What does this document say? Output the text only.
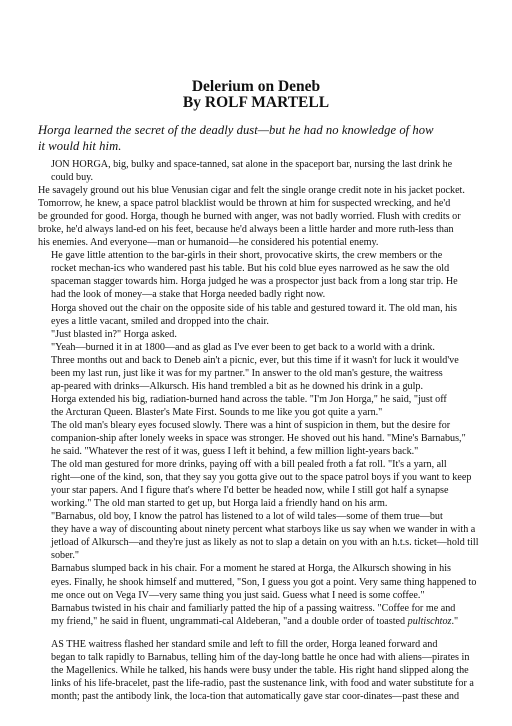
Delerium on Deneb
By ROLF MARTELL
Horga learned the secret of the deadly dust—but he had no knowledge of how
it would hit him.

JON HORGA, big, bulky and space-tanned, sat alone in the spaceport bar, nursing the last drink he
could buy.

He savagely ground out his blue Venusian cigar and felt the single orange credit note in his jacket pocket.
Tomorrow, he knew, a space patrol blacklist would be thrown at him for suspected wrecking, and he'd
be grounded for good. Horga, though he burned with anger, was not badly worried. Flush with credits or
broke, he'd always land-ed on his feet, because he'd always been a little harder and more ruth-less than
his enemies. And everyone—man or humanoid—he considered his potential enemy.

He gave little attention to the bar-girls in their short, provocative skirts, the crew members or the
rocket mechan-ics who wandered past his table. But his cold blue eyes narrowed as he saw the old
spaceman stagger towards him. Horga judged he was a prospector just back from a long star trip. He
had the look of money—a stake that Horga needed badly right now.

Horga shoved out the chair on the opposite side of his table and gestured toward it. The old man, his
eyes a little vacant, smiled and dropped into the chair.

"Just blasted in?" Horga asked.

"Yeah—burned it in at 1800—and as glad as I've ever been to get back to a world with a drink.
Three months out and back to Deneb ain't a picnic, ever, but this time if it wasn't for luck it would've
been my last run, just like it was for my partner." In answer to the old man's gesture, the waitress
ap-peared with drinks—Alkursch. His hand trembled a bit as he downed his drink in a gulp.

Horga extended his big, radiation-burned hand across the table. "I'm Jon Horga," he said, "just off
the Arcturan Queen. Blaster's Mate First. Sounds to me like you got quite a yarn."

The old man's bleary eyes focused slowly. There was a hint of suspicion in them, but the desire for
companion-ship after lonely weeks in space was stronger. He shoved out his hand. "Mine's Barnabus,"
he said. "Whatever the rest of it was, guess I left it behind, a few million light-years back."

The old man gestured for more drinks, paying off with a bill pealed froth a fat roll. "It's a yarn, all
right—one of the kind, son, that they say you gotta give out to the space patrol boys if you want to keep
your star papers. And I figure that's where I'd better be headed now, while I still got half a synapse
working." The old man started to get up, but Horga laid a friendly hand on his arm.

"Barnabus, old boy, I know the patrol has listened to a lot of wild tales—some of them true—but
they have a way of discounting about ninety percent what starboys like us say when we wander in with a
jetload of Alkursch—and they're just as likely as not to slap a detain on you with an h.t.s. ticket—hold till
sober."

Barnabus slumped back in his chair. For a moment he stared at Horga, the Alkursch showing in his
eyes. Finally, he shook himself and muttered, "Son, I guess you got a point. Very same thing happened to
me once out on Vega IV—very same thing you just said. Guess what I need is some coffee."

Barnabus twisted in his chair and familiarly patted the hip of a passing waitress. "Coffee for me and
my friend," he said in fluent, ungrammati-cal Aldeberan, "and a double order of toasted pultischtoz."

AS THE waitress flashed her standard smile and left to fill the order, Horga leaned forward and
began to talk rapidly to Barnabus, telling him of the day-long battle he once had with aliens—pirates in
the Magellenics. While he talked, his hands were busy under the table. His right hand slipped along the
links of his life-bracelet, past the life-radio, past the sustenance link, with food and water substitute for a
month; past the antibody link, the loca-tion that automatically gave star coor-dinates—past these and
